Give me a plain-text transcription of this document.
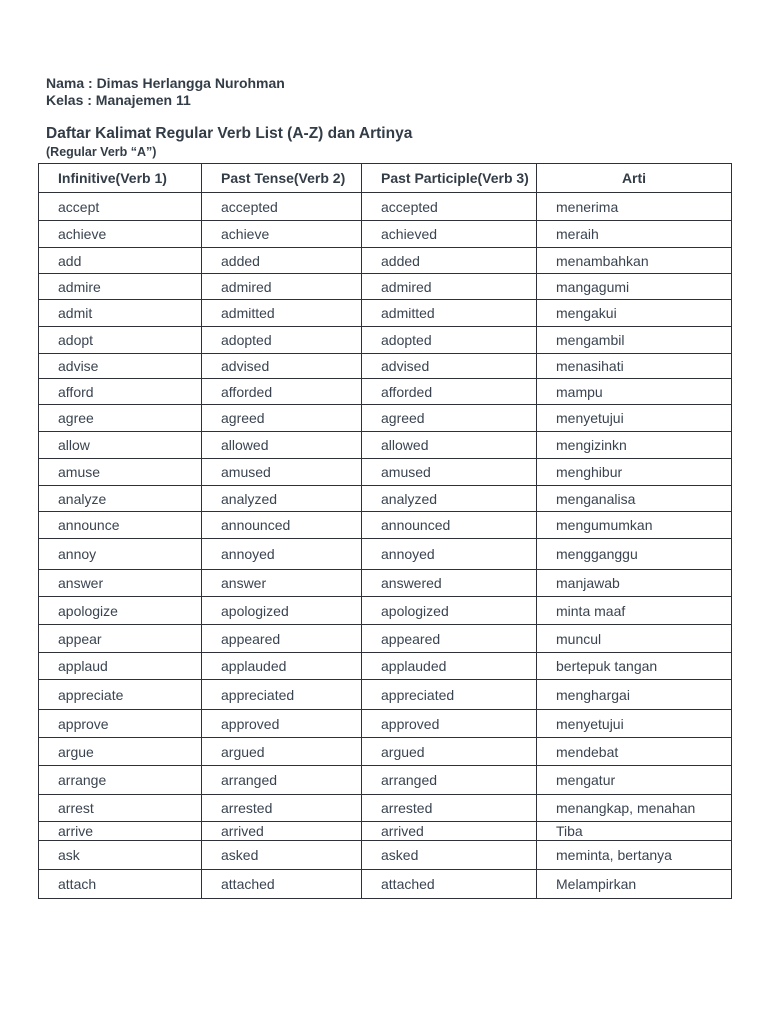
Nama : Dimas Herlangga Nurohman

Kelas : Manajemen 11

Daftar Kalimat Regular Verb List (A-Z) dan Artinya

(Regular Verb “A”)

Infinitive(Verb 1)	Past Tense(Verb 2)	Past Participle(Verb 3)	Arti
accept	accepted	accepted	menerima
achieve	achieve	achieved	meraih
add	added	added	menambahkan
admire	admired	admired	mangagumi
admit	admitted	admitted	mengakui
adopt	adopted	adopted	mengambil
advise	advised	advised	menasihati
afford	afforded	afforded	mampu
agree	agreed	agreed	menyetujui
allow	allowed	allowed	mengizinkn
amuse	amused	amused	menghibur
analyze	analyzed	analyzed	menganalisa
announce	announced	announced	mengumumkan
annoy	annoyed	annoyed	mengganggu
answer	answer	answered	manjawab
apologize	apologized	apologized	minta maaf
appear	appeared	appeared	muncul
applaud	applauded	applauded	bertepuk tangan
appreciate	appreciated	appreciated	menghargai
approve	approved	approved	menyetujui
argue	argued	argued	mendebat
arrange	arranged	arranged	mengatur
arrest	arrested	arrested	menangkap, menahan
arrive	arrived	arrived	Tiba
ask	asked	asked	meminta, bertanya
attach	attached	attached	Melampirkan
